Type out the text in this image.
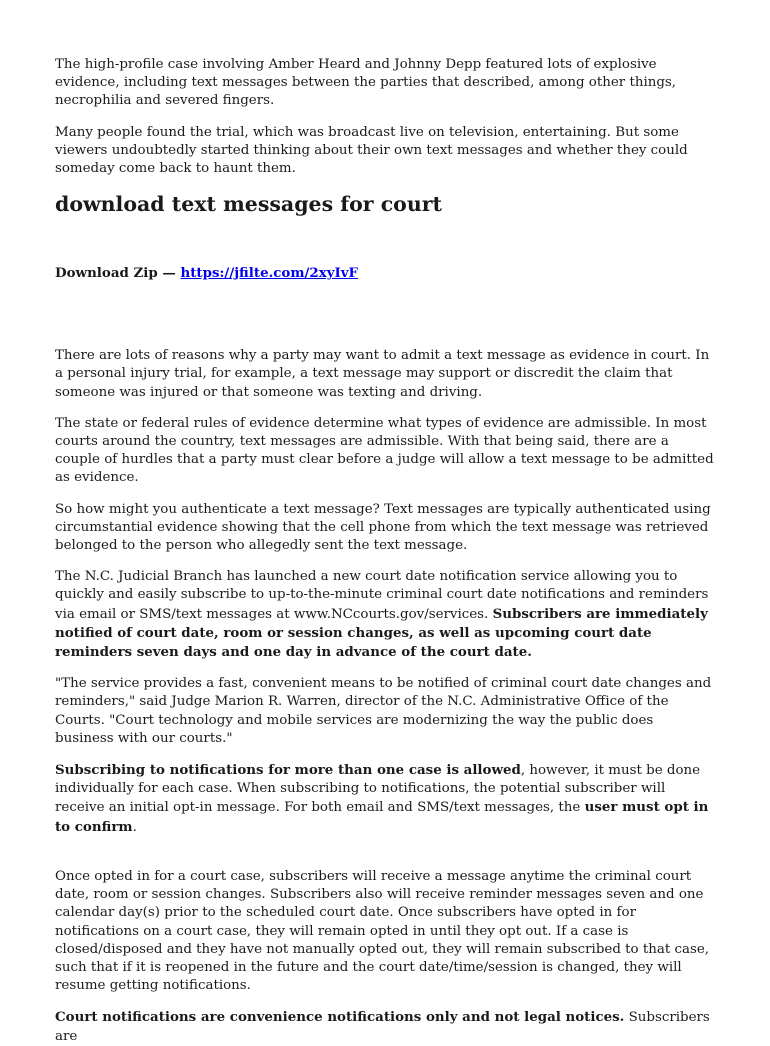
The high-profile case involving Amber Heard and Johnny Depp featured lots of explosive evidence, including text messages between the parties that described, among other things, necrophilia and severed fingers.

Many people found the trial, which was broadcast live on television, entertaining. But some viewers undoubtedly started thinking about their own text messages and whether they could someday come back to haunt them.

download text messages for court
Download Zip — https://jfilte.com/2xyIvF

There are lots of reasons why a party may want to admit a text message as evidence in court. In a personal injury trial, for example, a text message may support or discredit the claim that someone was injured or that someone was texting and driving.

The state or federal rules of evidence determine what types of evidence are admissible. In most courts around the country, text messages are admissible. With that being said, there are a couple of hurdles that a party must clear before a judge will allow a text message to be admitted as evidence.

So how might you authenticate a text message? Text messages are typically authenticated using circumstantial evidence showing that the cell phone from which the text message was retrieved belonged to the person who allegedly sent the text message.

The N.C. Judicial Branch has launched a new court date notification service allowing you to quickly and easily subscribe to up-to-the-minute criminal court date notifications and reminders via email or SMS/text messages at www.NCcourts.gov/services. Subscribers are immediately notified of court date, room or session changes, as well as upcoming court date reminders seven days and one day in advance of the court date.

"The service provides a fast, convenient means to be notified of criminal court date changes and reminders," said Judge Marion R. Warren, director of the N.C. Administrative Office of the Courts. "Court technology and mobile services are modernizing the way the public does business with our courts."

Subscribing to notifications for more than one case is allowed, however, it must be done individually for each case. When subscribing to notifications, the potential subscriber will receive an initial opt-in message. For both email and SMS/text messages, the user must opt in to confirm.

Once opted in for a court case, subscribers will receive a message anytime the criminal court date, room or session changes. Subscribers also will receive reminder messages seven and one calendar day(s) prior to the scheduled court date. Once subscribers have opted in for notifications on a court case, they will remain opted in until they opt out. If a case is closed/disposed and they have not manually opted out, they will remain subscribed to that case, such that if it is reopened in the future and the court date/time/session is changed, they will resume getting notifications.

Court notifications are convenience notifications only and not legal notices. Subscribers are
